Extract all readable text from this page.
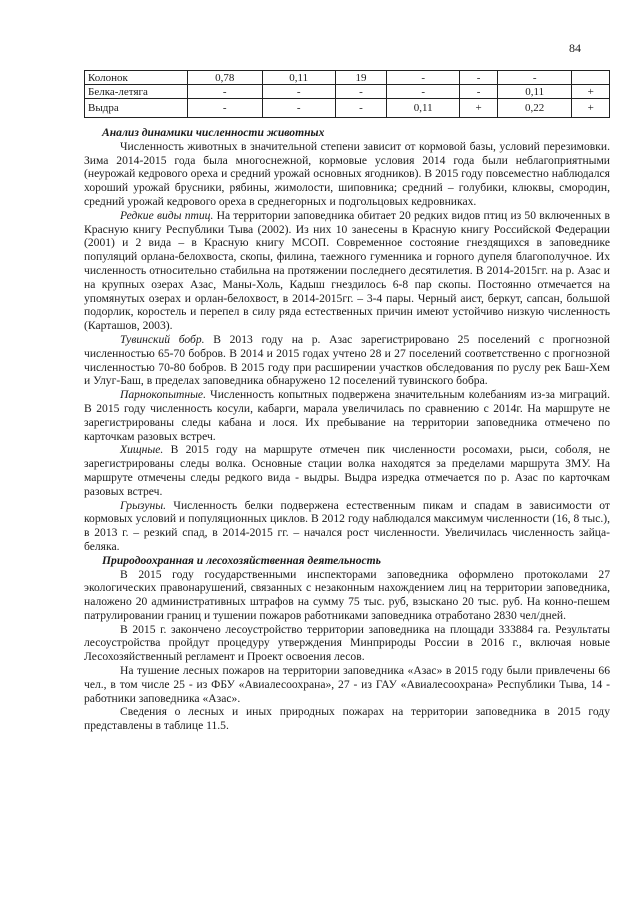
84
Колонок	0,78	0,11	19	-	-	-	
Белка-летяга	-	-	-	-	-	0,11	+
Выдра	-	-	-	0,11	+	0,22	+

Анализ динамики численности животных

Численность животных в значительной степени зависит от кормовой базы, условий перезимовки. Зима 2014-2015 года была многоснежной, кормовые условия 2014 года были неблагоприятными (неурожай кедрового ореха и средний урожай основных ягодников). В 2015 году повсеместно наблюдался хороший урожай брусники, рябины, жимолости, шиповника; средний – голубики, клюквы, смородин, средний урожай кедрового ореха в среднегорных и подгольцовых кедровниках.

Редкие виды птиц. На территории заповедника обитает 20 редких видов птиц из 50 включенных в Красную книгу Республики Тыва (2002). Из них 10 занесены в Красную книгу Российской Федерации (2001) и 2 вида – в Красную книгу МСОП. Современное состояние гнездящихся в заповеднике популяций орлана-белохвоста, скопы, филина, таежного гуменника и горного дупеля благополучное. Их численность относительно стабильна на протяжении последнего десятилетия. В 2014-2015гг. на р. Азас и на крупных озерах Азас, Маны-Холь, Кадыш гнездилось 6-8 пар скопы. Постоянно отмечается на упомянутых озерах и орлан-белохвост, в 2014-2015гг. – 3-4 пары. Черный аист, беркут, сапсан, большой подорлик, коростель и перепел в силу ряда естественных причин имеют устойчиво низкую численность (Карташов, 2003).

Тувинский бобр. В 2013 году на р. Азас зарегистрировано 25 поселений с прогнозной численностью 65-70 бобров. В 2014 и 2015 годах учтено 28 и 27 поселений соответственно с прогнозной численностью 70-80 бобров. В 2015 году при расширении участков обследования по руслу рек Баш-Хем и Улуг-Баш, в пределах заповедника обнаружено 12 поселений тувинского бобра.

Парнокопытные. Численность копытных подвержена значительным колебаниям из-за миграций. В 2015 году численность косули, кабарги, марала увеличилась по сравнению с 2014г. На маршруте не зарегистрированы следы кабана и лося. Их пребывание на территории заповедника отмечено по карточкам разовых встреч.

Хищные. В 2015 году на маршруте отмечен пик численности росомахи, рыси, соболя, не зарегистрированы следы волка. Основные стации волка находятся за пределами маршрута ЗМУ. На маршруте отмечены следы редкого вида - выдры. Выдра изредка отмечается по р. Азас по карточкам разовых встреч.

Грызуны. Численность белки подвержена естественным пикам и спадам в зависимости от кормовых условий и популяционных циклов. В 2012 году наблюдался максимум численности (16, 8 тыс.), в 2013 г. – резкий спад, в 2014-2015 гг. – начался рост численности. Увеличилась численность зайца-беляка.

Природоохранная и лесохозяйственная деятельность

В 2015 году государственными инспекторами заповедника оформлено протоколами 27 экологических правонарушений, связанных с незаконным нахождением лиц на территории заповедника, наложено 20 административных штрафов на сумму 75 тыс. руб, взыскано 20 тыс. руб. На конно-пешем патрулировании границ и тушении пожаров работниками заповедника отработано 2830 чел/дней.

В 2015 г. закончено лесоустройство территории заповедника на площади 333884 га. Результаты лесоустройства пройдут процедуру утверждения Минприроды России в 2016 г., включая новые Лесохозяйственный регламент и Проект освоения лесов.

На тушение лесных пожаров на территории заповедника «Азас» в 2015 году были привлечены 66 чел., в том числе 25 - из ФБУ «Авиалесоохрана», 27 - из ГАУ «Авиалесоохрана» Республики Тыва, 14 - работники заповедника «Азас».

Сведения о лесных и иных природных пожарах на территории заповедника в 2015 году представлены в таблице 11.5.
